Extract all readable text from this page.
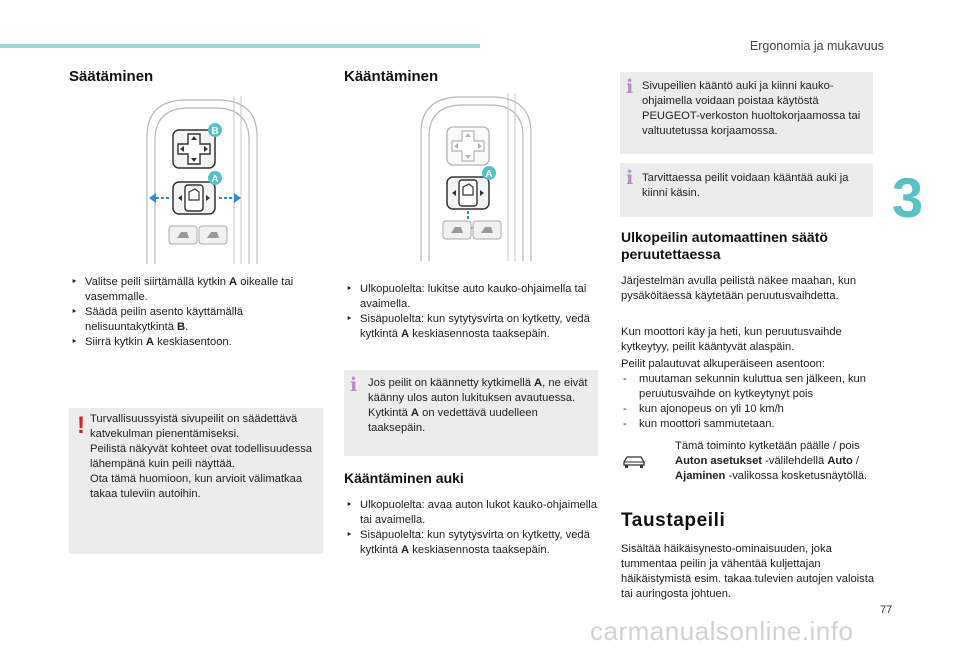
Ergonomia ja mukavuus
3
77
carmanualsonline.info
Säätäminen
B
A
‣ Valitse peili siirtämällä kytkin A oikealle tai vasemmalle.
‣ Säädä peilin asento käyttämällä nelisuuntakytkintä B.
‣ Siirrä kytkin A keskiasentoon.
! Turvallisuussyistä sivupeilit on säädettävä katvekulman pienentämiseksi.
Peilistä näkyvät kohteet ovat todellisuudessa lähempänä kuin peili näyttää.
Ota tämä huomioon, kun arvioit välimatkaa takaa tuleviin autoihin.
Kääntäminen
A
‣ Ulkopuolelta: lukitse auto kauko-ohjaimella tai avaimella.
‣ Sisäpuolelta: kun sytytysvirta on kytketty, vedä kytkintä A keskiasennosta taaksepäin.
i Jos peilit on käännetty kytkimellä A, ne eivät käänny ulos auton lukituksen avautuessa. Kytkintä A on vedettävä uudelleen taaksepäin.
Kääntäminen auki
‣ Ulkopuolelta: avaa auton lukot kauko-ohjaimella tai avaimella.
‣ Sisäpuolelta: kun sytytysvirta on kytketty, vedä kytkintä A keskiasennosta taaksepäin.
i Sivupeilien kääntö auki ja kiinni kauko-ohjaimella voidaan poistaa käytöstä PEUGEOT-verkoston huoltokorjaamossa tai valtuutetussa korjaamossa.
i Tarvittaessa peilit voidaan kääntää auki ja kiinni käsin.
Ulkopeilin automaattinen säätö peruutettaessa
Järjestelmän avulla peilistä näkee maahan, kun pysäköitäessä käytetään peruutusvaihdetta.
Kun moottori käy ja heti, kun peruutusvaihde kytkeytyy, peilit kääntyvät alaspäin.
Peilit palautuvat alkuperäiseen asentoon:
- muutaman sekunnin kuluttua sen jälkeen, kun peruutusvaihde on kytkeytynyt pois
- kun ajonopeus on yli 10 km/h
- kun moottori sammutetaan.
Tämä toiminto kytketään päälle / pois Auton asetukset -välilehdellä Auto / Ajaminen -valikossa kosketusnäytöllä.
Taustapeili
Sisältää häikäisynesto-ominaisuuden, joka tummentaa peilin ja vähentää kuljettajan häikäistymistä esim. takaa tulevien autojen valoista tai auringosta johtuen.
